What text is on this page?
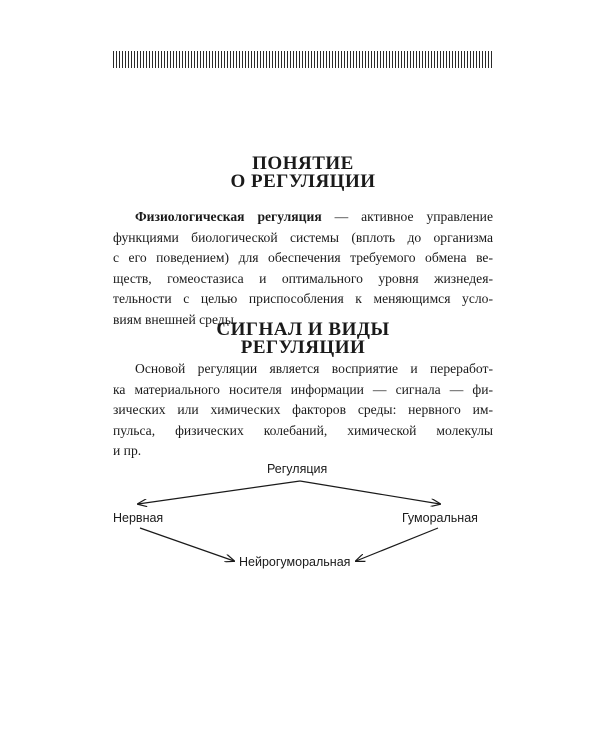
ПОНЯТИЕ
О РЕГУЛЯЦИИ
Физиологическая регуляция — активное управление
функциями биологической системы (вплоть до организма
с его поведением) для обеспечения требуемого обмена ве-
ществ, гомеостазиса и оптимального уровня жизнедея-
тельности с целью приспособления к меняющимся усло-
виям внешней среды.
СИГНАЛ И ВИДЫ
РЕГУЛЯЦИИ
Основой регуляции является восприятие и переработ-
ка материального носителя информации — сигнала — фи-
зических или химических факторов среды: нервного им-
пульса, физических колебаний, химической молекулы
и пр.
Регуляция
Нервная	Гуморальная
Нейрогуморальная
